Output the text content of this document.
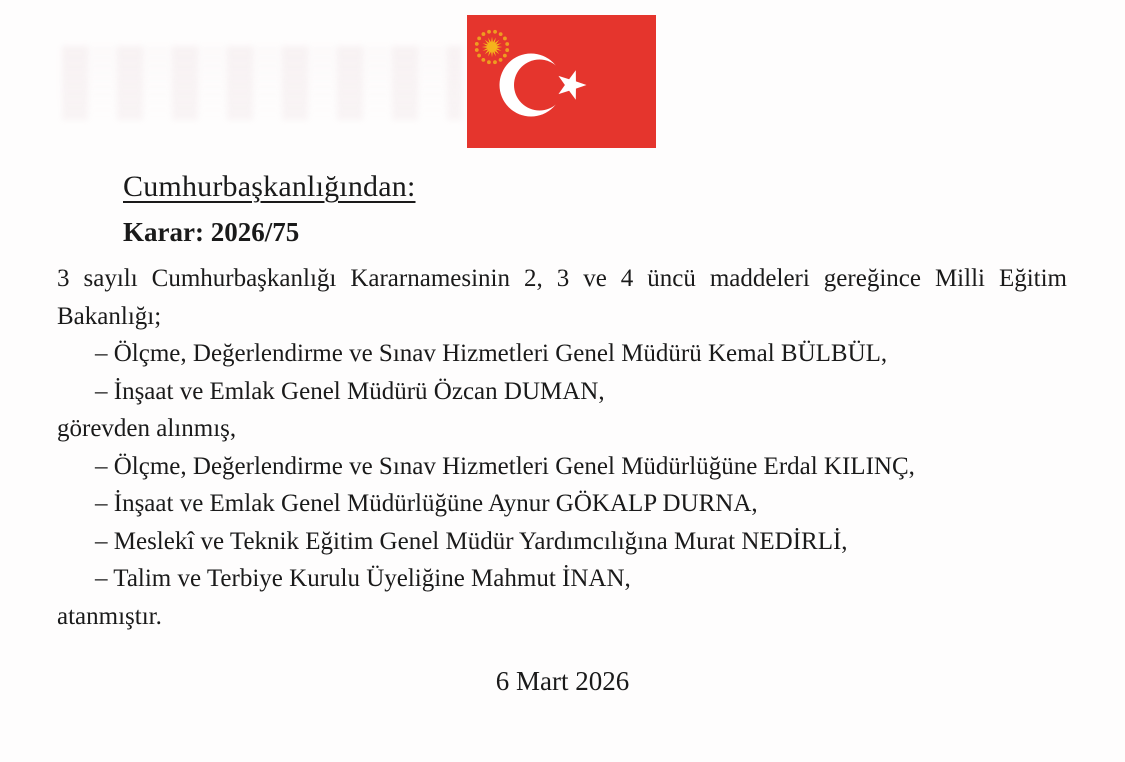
Cumhurbaşkanlığından:
Karar: 2026/75

3 sayılı Cumhurbaşkanlığı Kararnamesinin 2, 3 ve 4 üncü maddeleri gereğince Milli Eğitim

Bakanlığı;

– Ölçme, Değerlendirme ve Sınav Hizmetleri Genel Müdürü Kemal BÜLBÜL,

– İnşaat ve Emlak Genel Müdürü Özcan DUMAN,

görevden alınmış,

– Ölçme, Değerlendirme ve Sınav Hizmetleri Genel Müdürlüğüne Erdal KILINÇ,

– İnşaat ve Emlak Genel Müdürlüğüne Aynur GÖKALP DURNA,

– Meslekî ve Teknik Eğitim Genel Müdür Yardımcılığına Murat NEDİRLİ,

– Talim ve Terbiye Kurulu Üyeliğine Mahmut İNAN,

atanmıştır.

6 Mart 2026
